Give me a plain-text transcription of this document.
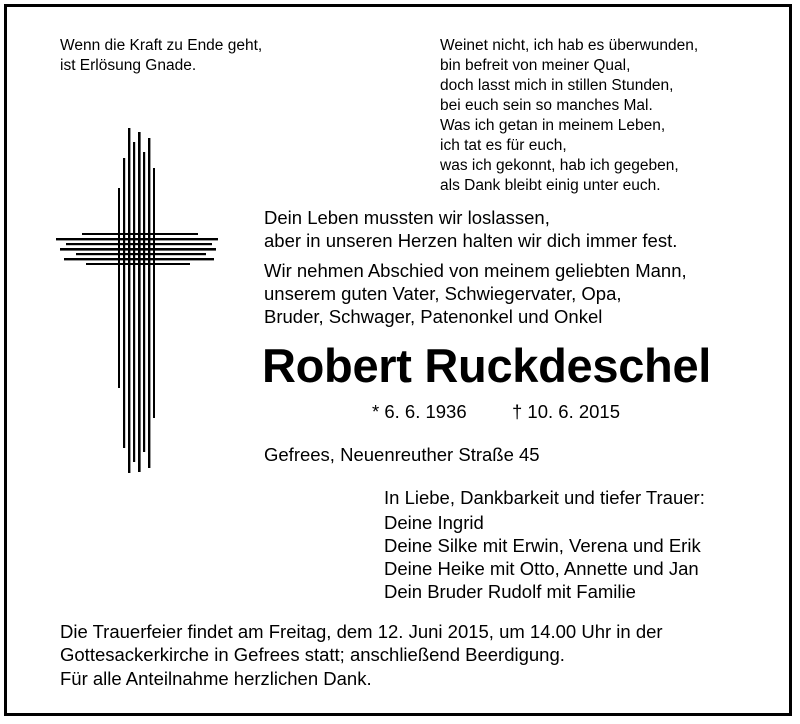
Wenn die Kraft zu Ende geht,
ist Erlösung Gnade.
Weinet nicht, ich hab es überwunden,
bin befreit von meiner Qual,
doch lasst mich in stillen Stunden,
bei euch sein so manches Mal.
Was ich getan in meinem Leben,
ich tat es für euch,
was ich gekonnt, hab ich gegeben,
als Dank bleibt einig unter euch.
Dein Leben mussten wir loslassen,
aber in unseren Herzen halten wir dich immer fest.
Wir nehmen Abschied von meinem geliebten Mann,
unserem guten Vater, Schwiegervater, Opa,
Bruder, Schwager, Patenonkel und Onkel
Robert Ruckdeschel
* 6. 6. 1936 † 10. 6. 2015
Gefrees, Neuenreuther Straße 45
In Liebe, Dankbarkeit und tiefer Trauer:
Deine Ingrid
Deine Silke mit Erwin, Verena und Erik
Deine Heike mit Otto, Annette und Jan
Dein Bruder Rudolf mit Familie
Die Trauerfeier findet am Freitag, dem 12. Juni 2015, um 14.00 Uhr in der
Gottesackerkirche in Gefrees statt; anschließend Beerdigung.
Für alle Anteilnahme herzlichen Dank.
